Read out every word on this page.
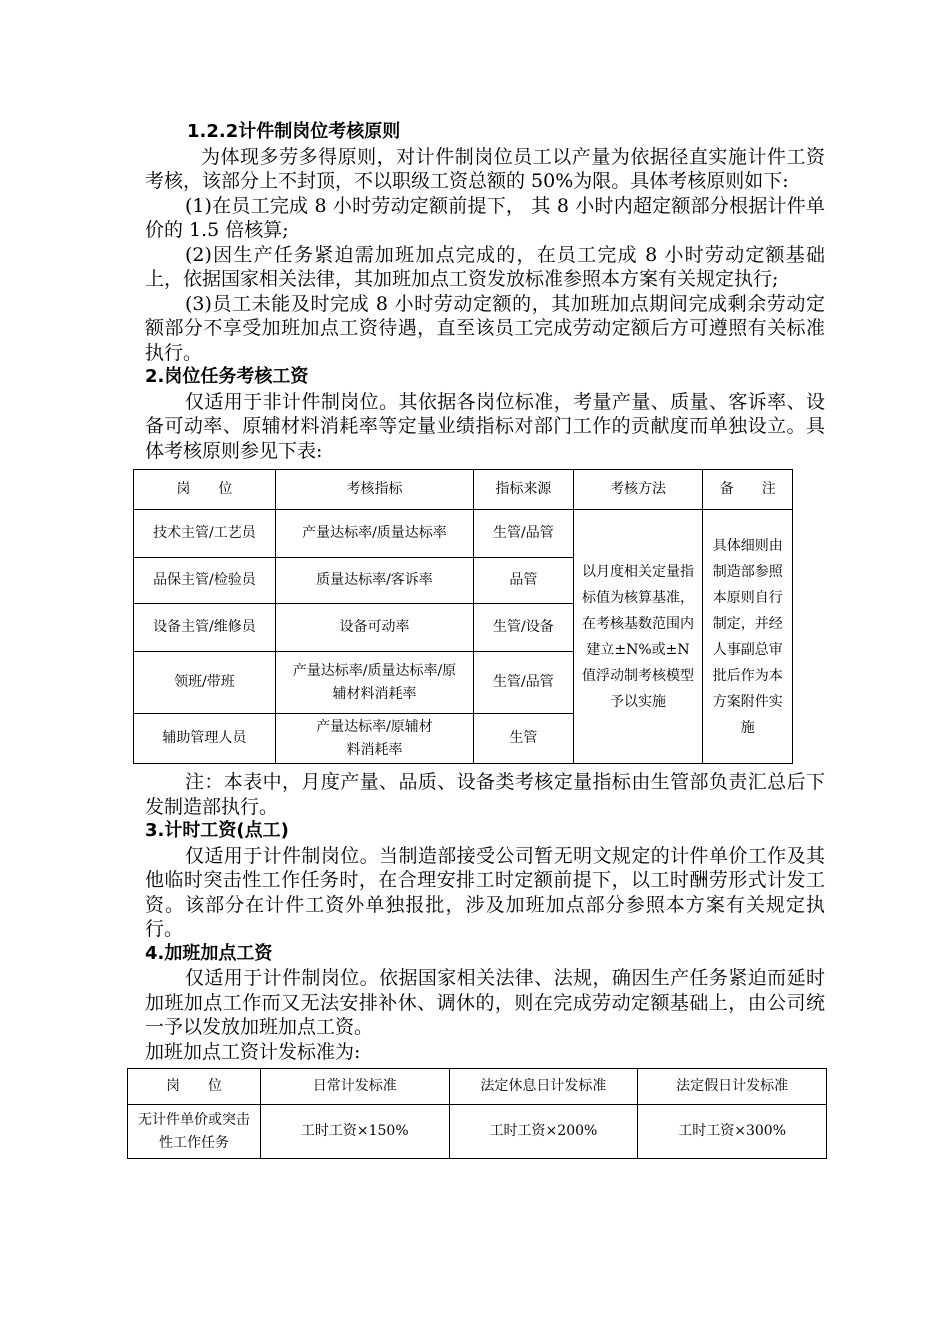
1.2.2计件制岗位考核原则

为体现多劳多得原则，对计件制岗位员工以产量为依据径直实施计件工资考核，该部分上不封顶，不以职级工资总额的 50%为限。具体考核原则如下:

(1)在员工完成 8 小时劳动定额前提下， 其 8 小时内超定额部分根据计件单价的 1.5 倍核算;

(2)因生产任务紧迫需加班加点完成的，在员工完成 8 小时劳动定额基础上，依据国家相关法律，其加班加点工资发放标准参照本方案有关规定执行;

(3)员工未能及时完成 8 小时劳动定额的，其加班加点期间完成剩余劳动定额部分不享受加班加点工资待遇，直至该员工完成劳动定额后方可遵照有关标准执行。

2.岗位任务考核工资

仅适用于非计件制岗位。其依据各岗位标准，考量产量、质量、客诉率、设备可动率、原辅材料消耗率等定量业绩指标对部门工作的贡献度而单独设立。具体考核原则参见下表:

岗　　位	考核指标	指标来源	考核方法	备　　注
技术主管/工艺员	产量达标率/质量达标率	生管/品管	以月度相关定量指标值为核算基准，在考核基数范围内建立±N%或±N值浮动制考核模型予以实施	具体细则由制造部参照本原则自行制定，并经人事副总审批后作为本方案附件实施
品保主管/检验员	质量达标率/客诉率	品管		
设备主管/维修员	设备可动率	生管/设备		
领班/带班	产量达标率/质量达标率/原辅材料消耗率	生管/品管		
辅助管理人员	产量达标率/原辅材料消耗率	生管		

注：本表中，月度产量、品质、设备类考核定量指标由生管部负责汇总后下发制造部执行。

3.计时工资(点工)

仅适用于计件制岗位。当制造部接受公司暂无明文规定的计件单价工作及其他临时突击性工作任务时，在合理安排工时定额前提下，以工时酬劳形式计发工资。该部分在计件工资外单独报批，涉及加班加点部分参照本方案有关规定执行。

4.加班加点工资

仅适用于计件制岗位。依据国家相关法律、法规，确因生产任务紧迫而延时加班加点工作而又无法安排补休、调休的，则在完成劳动定额基础上，由公司统一予以发放加班加点工资。

加班加点工资计发标准为:

岗　　位	日常计发标准	法定休息日计发标准	法定假日计发标准
无计件单价或突击性工作任务	工时工资×150%	工时工资×200%	工时工资×300%
